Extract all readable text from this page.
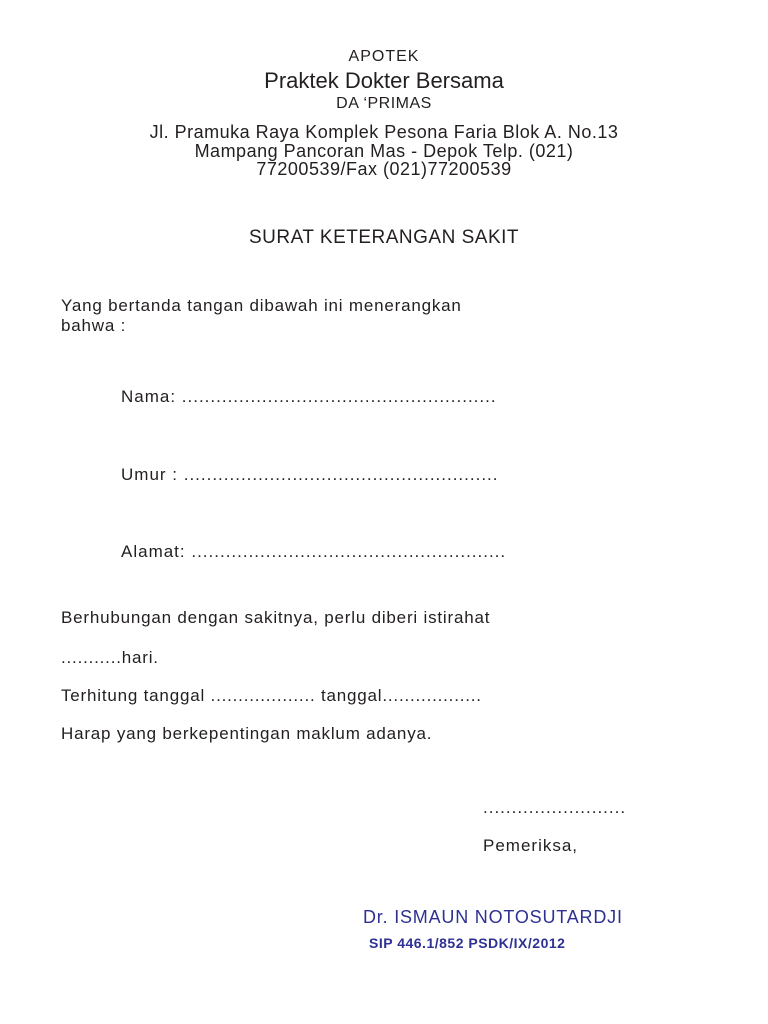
APOTEK
Praktek Dokter Bersama
DA ‘PRIMAS
Jl. Pramuka Raya Komplek Pesona Faria Blok A. No.13
Mampang Pancoran Mas - Depok Telp. (021)
77200539/Fax (021)77200539
SURAT KETERANGAN SAKIT
Yang bertanda tangan dibawah ini menerangkan
bahwa :
Nama: .......................................................
Umur : .......................................................
Alamat: .......................................................
Berhubungan dengan sakitnya, perlu diberi istirahat
...........hari.
Terhitung tanggal ................... tanggal..................
Harap yang berkepentingan maklum adanya.
.........................
Pemeriksa,
Dr. ISMAUN NOTOSUTARDJI
SIP 446.1/852 PSDK/IX/2012
